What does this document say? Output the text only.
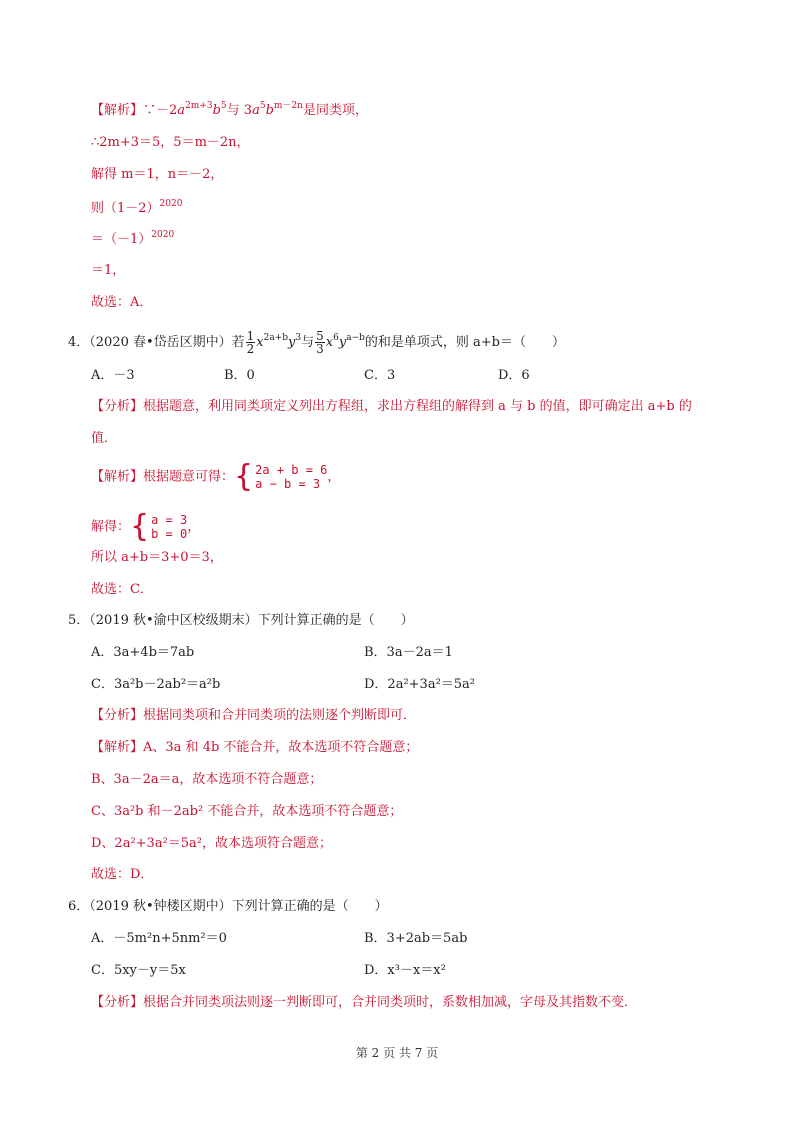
【解析】$\because-2a^{2m+3}b^5$与 $3a^5b^{m-2n}$是同类项，
∴2m+3＝5，5＝m－2n，
解得 m＝1，n＝－2，
则$(1-2)^{2020}$
$=(-1)^{2020}$
＝1，
故选：A．
4．（2020 春•岱岳区期中）若 $\frac{1}{2} x^{2a+b}y^3$与 $\frac{5}{3} x^6y^{a-b}$的和是单项式，则 a+b＝（　　）
A．－3	B．0	C．3	D．6
【分析】根据题意，利用同类项定义列出方程组，求出方程组的解得到 a 与 b 的值，即可确定出 a+b 的
值．
【解析】根据题意可得：{ 2a + b = 6
a − b = 3 ，
解得：{ a = 3
b = 0 ，
所以 a+b＝3+0＝3，
故选：C．
5．（2019 秋•渝中区校级期末）下列计算正确的是（　　）
A．3a+4b＝7ab	B．3a－2a＝1
C．3a²b－2ab²＝a²b	D．2a²+3a²＝5a²
【分析】根据同类项和合并同类项的法则逐个判断即可．
【解析】A、3a 和 4b 不能合并，故本选项不符合题意；
B、3a－2a＝a，故本选项不符合题意；
C、3a²b 和－2ab² 不能合并，故本选项不符合题意；
D、2a²+3a²＝5a²，故本选项符合题意；
故选：D．
6．（2019 秋•钟楼区期中）下列计算正确的是（　　）
A．－5m²n+5nm²＝0	B．3+2ab＝5ab
C．5xy－y＝5x	D．x³－x＝x²
【分析】根据合并同类项法则逐一判断即可，合并同类项时，系数相加减，字母及其指数不变．
第 2 页 共 7 页
